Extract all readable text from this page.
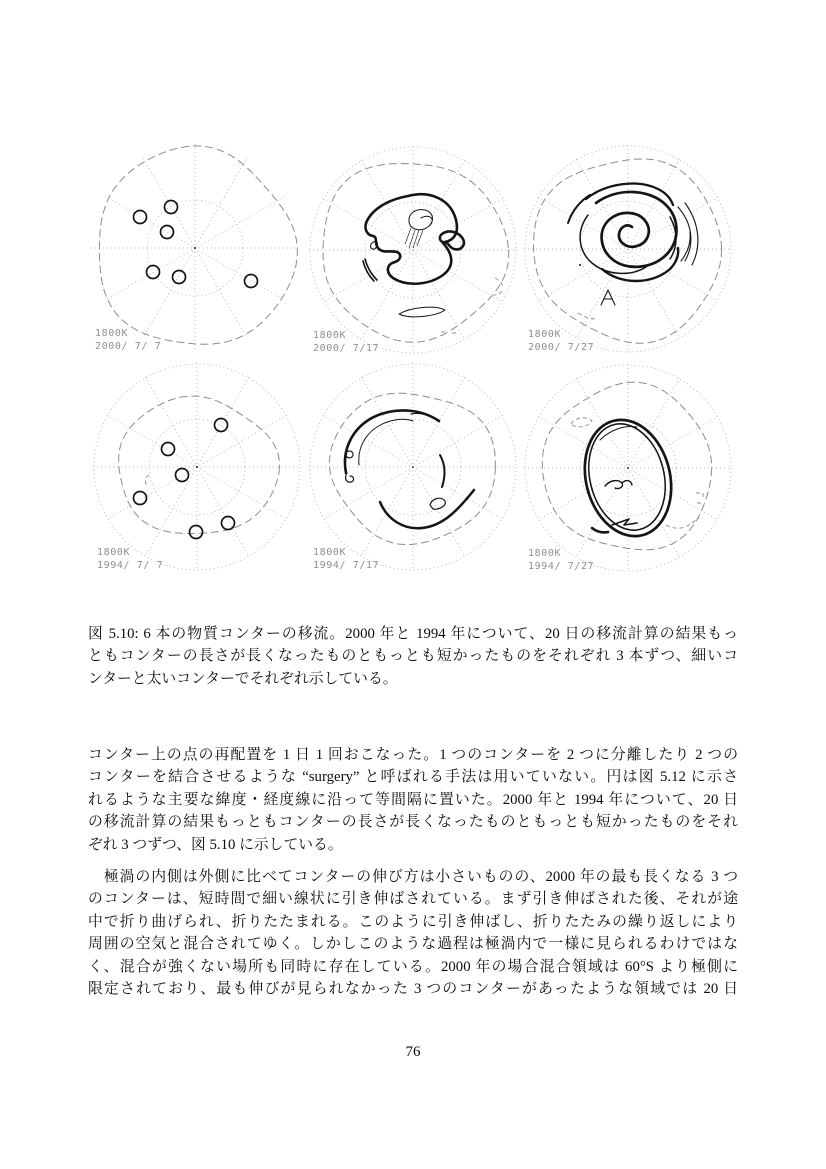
1800K
2000/ 7/ 7
1800K
2000/ 7/17
1800K
2000/ 7/27
1800K
1994/ 7/ 7
1800K
1994/ 7/17
1800K
1994/ 7/27
図 5.10: 6 本の物質コンターの移流。2000 年と 1994 年について、20 日の移流計算の結果もっ
ともコンターの長さが長くなったものともっとも短かったものをそれぞれ 3 本ずつ、細いコ
ンターと太いコンターでそれぞれ示している。
コンター上の点の再配置を 1 日 1 回おこなった。1 つのコンターを 2 つに分離したり 2 つの
コンターを結合させるような “surgery” と呼ばれる手法は用いていない。円は図 5.12 に示さ
れるような主要な緯度・経度線に沿って等間隔に置いた。2000 年と 1994 年について、20 日
の移流計算の結果もっともコンターの長さが長くなったものともっとも短かったものをそれ
ぞれ 3 つずつ、図 5.10 に示している。
　極渦の内側は外側に比べてコンターの伸び方は小さいものの、2000 年の最も長くなる 3 つ
のコンターは、短時間で細い線状に引き伸ばされている。まず引き伸ばされた後、それが途
中で折り曲げられ、折りたたまれる。このように引き伸ばし、折りたたみの繰り返しにより
周囲の空気と混合されてゆく。しかしこのような過程は極渦内で一様に見られるわけではな
く、混合が強くない場所も同時に存在している。2000 年の場合混合領域は 60°S より極側に
限定されており、最も伸びが見られなかった 3 つのコンターがあったような領域では 20 日
76
